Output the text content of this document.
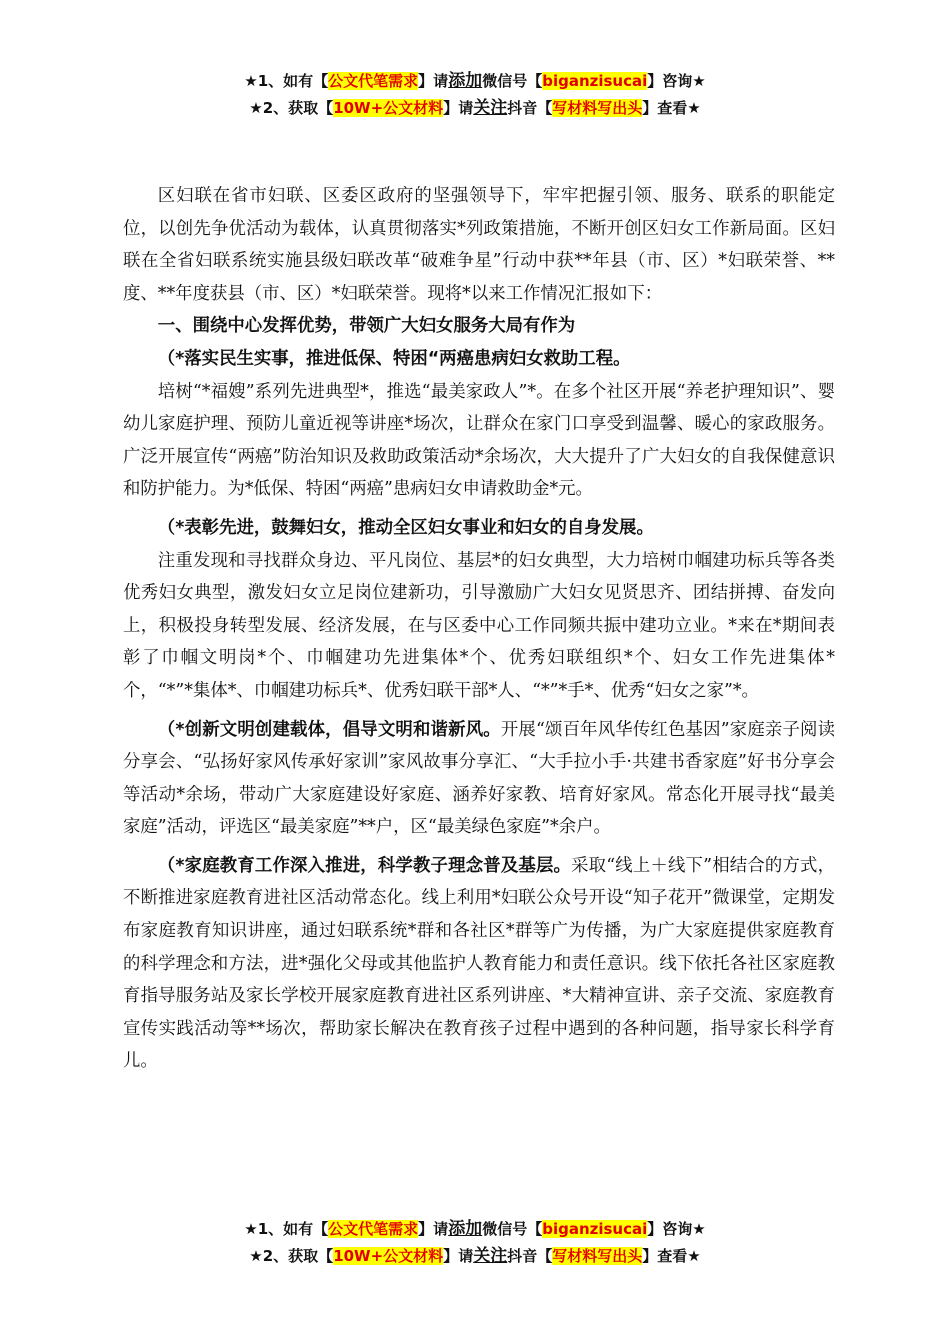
★1、如有【公文代笔需求】请添加微信号【biganzisucai】咨询★
★2、获取【10W+公文材料】请关注抖音【写材料写出头】查看★

区妇联在省市妇联、区委区政府的坚强领导下，牢牢把握引领、服务、联系的职能定位，以创先争优活动为载体，认真贯彻落实*列政策措施，不断开创区妇女工作新局面。区妇联在全省妇联系统实施县级妇联改革“破难争星”行动中获**年县（市、区）*妇联荣誉、**度、**年度获县（市、区）*妇联荣誉。现将*以来工作情况汇报如下：

一、围绕中心发挥优势，带领广大妇女服务大局有作为

（*落实民生实事，推进低保、特困“两癌患病妇女救助工程。

培树“*福嫂”系列先进典型*，推选“最美家政人”*。在多个社区开展“养老护理知识”、婴幼儿家庭护理、预防儿童近视等讲座*场次，让群众在家门口享受到温馨、暖心的家政服务。广泛开展宣传“两癌”防治知识及救助政策活动*余场次，大大提升了广大妇女的自我保健意识和防护能力。为*低保、特困“两癌”患病妇女申请救助金*元。

（*表彰先进，鼓舞妇女，推动全区妇女事业和妇女的自身发展。

注重发现和寻找群众身边、平凡岗位、基层*的妇女典型，大力培树巾帼建功标兵等各类优秀妇女典型，激发妇女立足岗位建新功，引导激励广大妇女见贤思齐、团结拼搏、奋发向上，积极投身转型发展、经济发展，在与区委中心工作同频共振中建功立业。*来在*期间表彰了巾帼文明岗*个、巾帼建功先进集体*个、优秀妇联组织*个、妇女工作先进集体*个，“*”*集体*、巾帼建功标兵*、优秀妇联干部*人、“*”*手*、优秀“妇女之家”*。

（*创新文明创建载体，倡导文明和谐新风。开展“颂百年风华传红色基因”家庭亲子阅读分享会、“弘扬好家风传承好家训”家风故事分享汇、“大手拉小手·共建书香家庭”好书分享会等活动*余场，带动广大家庭建设好家庭、涵养好家教、培育好家风。常态化开展寻找“最美家庭”活动，评选区“最美家庭”**户，区“最美绿色家庭”*余户。

（*家庭教育工作深入推进，科学教子理念普及基层。采取“线上＋线下”相结合的方式，不断推进家庭教育进社区活动常态化。线上利用*妇联公众号开设“知子花开”微课堂，定期发布家庭教育知识讲座，通过妇联系统*群和各社区*群等广为传播，为广大家庭提供家庭教育的科学理念和方法，进*强化父母或其他监护人教育能力和责任意识。线下依托各社区家庭教育指导服务站及家长学校开展家庭教育进社区系列讲座、*大精神宣讲、亲子交流、家庭教育宣传实践活动等**场次，帮助家长解决在教育孩子过程中遇到的各种问题，指导家长科学育儿。

★1、如有【公文代笔需求】请添加微信号【biganzisucai】咨询★
★2、获取【10W+公文材料】请关注抖音【写材料写出头】查看★
